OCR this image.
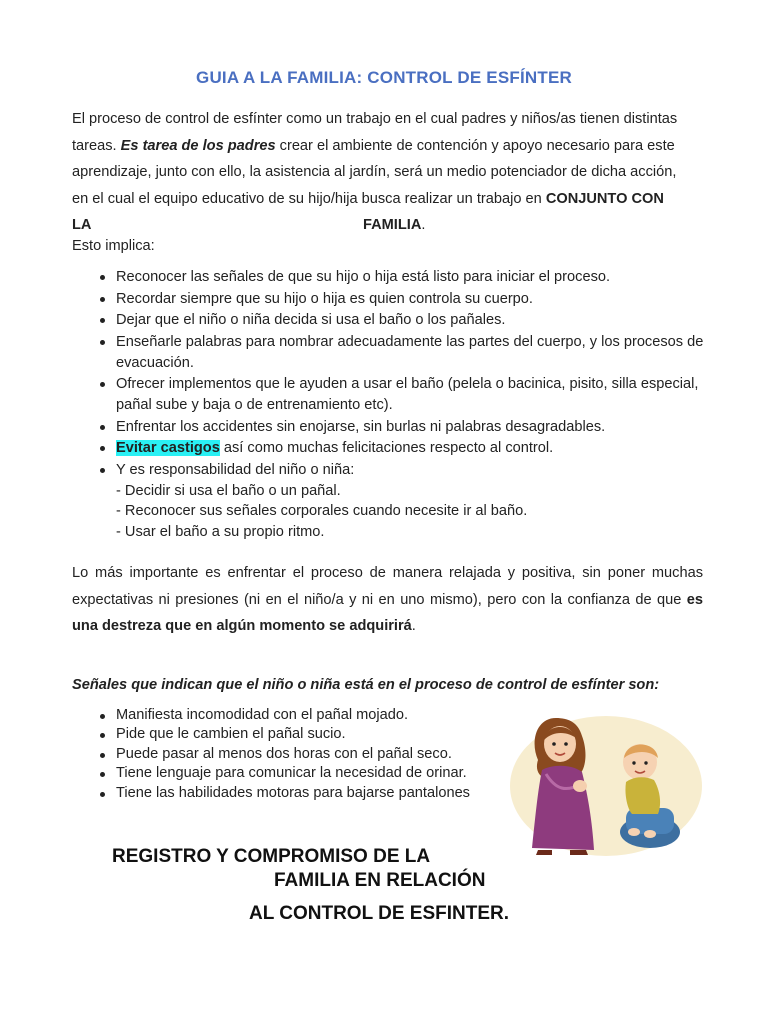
GUIA A LA FAMILIA: CONTROL DE ESFÍNTER
El proceso de control de esfínter como un trabajo en el cual padres y niños/as tienen distintas
tareas. Es tarea de los padres crear el ambiente de contención y apoyo necesario para este
aprendizaje, junto con ello, la asistencia al jardín, será un medio potenciador de dicha acción,
en el cual el equipo educativo de su hijo/hija busca realizar un trabajo en CONJUNTO CON
LA	FAMILIA.

Esto implica:

Reconocer las señales de que su hijo o hija está listo para iniciar el proceso.
Recordar siempre que su hijo o hija es quien controla su cuerpo.
Dejar que el niño o niña decida si usa el baño o los pañales.
Enseñarle palabras para nombrar adecuadamente las partes del cuerpo, y los procesos de evacuación.
Ofrecer implementos que le ayuden a usar el baño (pelela o bacinica, pisito, silla especial, pañal sube y baja o de entrenamiento etc).
Enfrentar los accidentes sin enojarse, sin burlas ni palabras desagradables.
Evitar castigos así como muchas felicitaciones respecto al control.
Y es responsabilidad del niño o niña:
- Decidir si usa el baño o un pañal.
- Reconocer sus señales corporales cuando necesite ir al baño.
- Usar el baño a su propio ritmo.

Lo más importante es enfrentar el proceso de manera relajada y positiva, sin poner muchas expectativas ni presiones (ni en el niño/a y ni en uno mismo), pero con la confianza de que es una destreza que en algún momento se adquirirá.

Señales que indican que el niño o niña está en el proceso de control de esfínter son:

Manifiesta incomodidad con el pañal mojado.
Pide que le cambien el pañal sucio.
Puede pasar al menos dos horas con el pañal seco.
Tiene lenguaje para comunicar la necesidad de orinar.
Tiene las habilidades motoras para bajarse pantalones
REGISTRO Y COMPROMISO DE LA
FAMILIA EN RELACIÓN
AL CONTROL DE ESFINTER.
